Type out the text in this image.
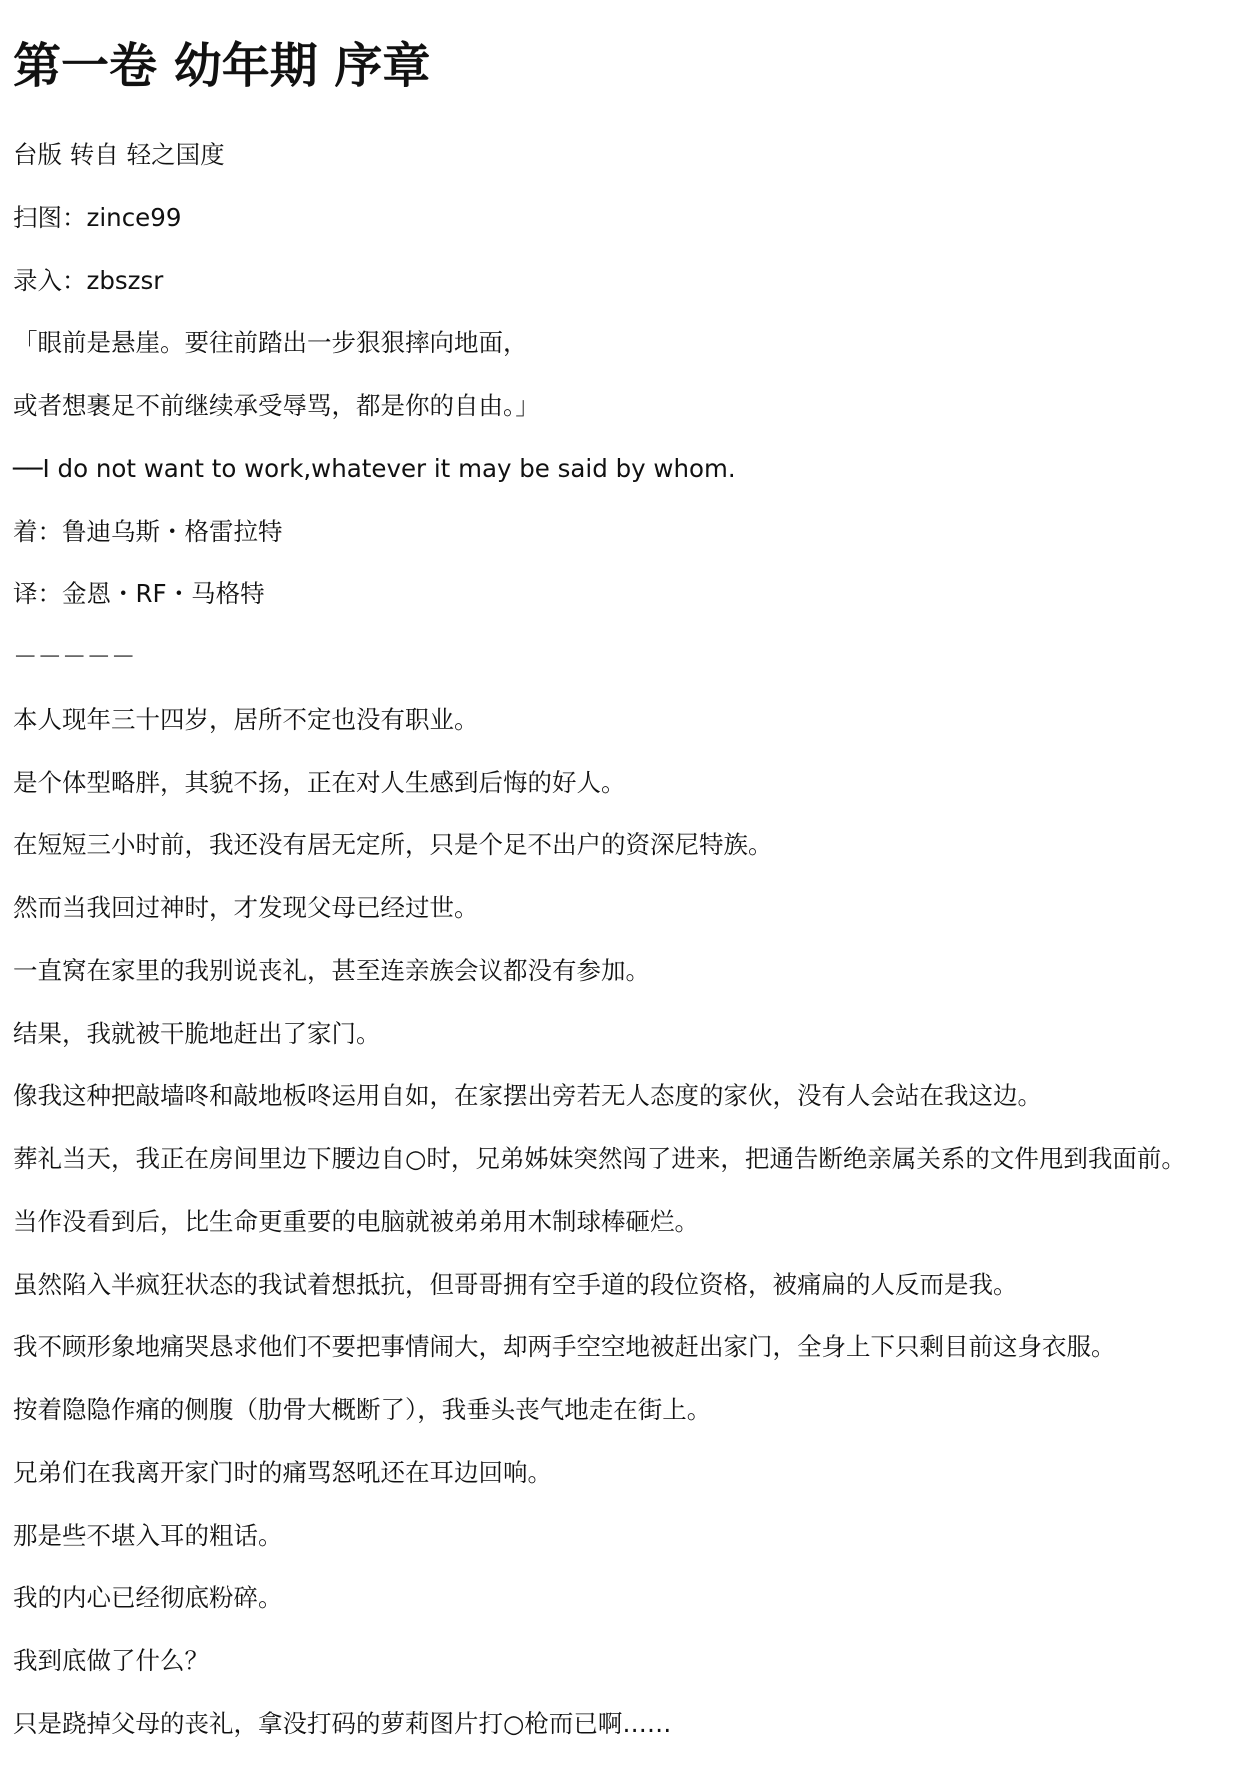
第一卷 幼年期 序章
台版 转自 轻之国度
扫图：zince99
录入：zbszsr
「眼前是悬崖。要往前踏出一步狠狠摔向地面，
或者想裹足不前继续承受辱骂，都是你的自由。」
──I do not want to work,whatever it may be said by whom.
着：鲁迪乌斯・格雷拉特
译：金恩・RF・马格特
－－－－－
本人现年三十四岁，居所不定也没有职业。
是个体型略胖，其貌不扬，正在对人生感到后悔的好人。
在短短三小时前，我还没有居无定所，只是个足不出户的资深尼特族。
然而当我回过神时，才发现父母已经过世。
一直窝在家里的我别说丧礼，甚至连亲族会议都没有参加。
结果，我就被干脆地赶出了家门。
像我这种把敲墙咚和敲地板咚运用自如，在家摆出旁若无人态度的家伙，没有人会站在我这边。
葬礼当天，我正在房间里边下腰边自○时，兄弟姊妹突然闯了进来，把通告断绝亲属关系的文件甩到我面前。
当作没看到后，比生命更重要的电脑就被弟弟用木制球棒砸烂。
虽然陷入半疯狂状态的我试着想抵抗，但哥哥拥有空手道的段位资格，被痛扁的人反而是我。
我不顾形象地痛哭恳求他们不要把事情闹大，却两手空空地被赶出家门，全身上下只剩目前这身衣服。
按着隐隐作痛的侧腹（肋骨大概断了），我垂头丧气地走在街上。
兄弟们在我离开家门时的痛骂怒吼还在耳边回响。
那是些不堪入耳的粗话。
我的内心已经彻底粉碎。
我到底做了什么？
只是跷掉父母的丧礼，拿没打码的萝莉图片打○枪而已啊……
